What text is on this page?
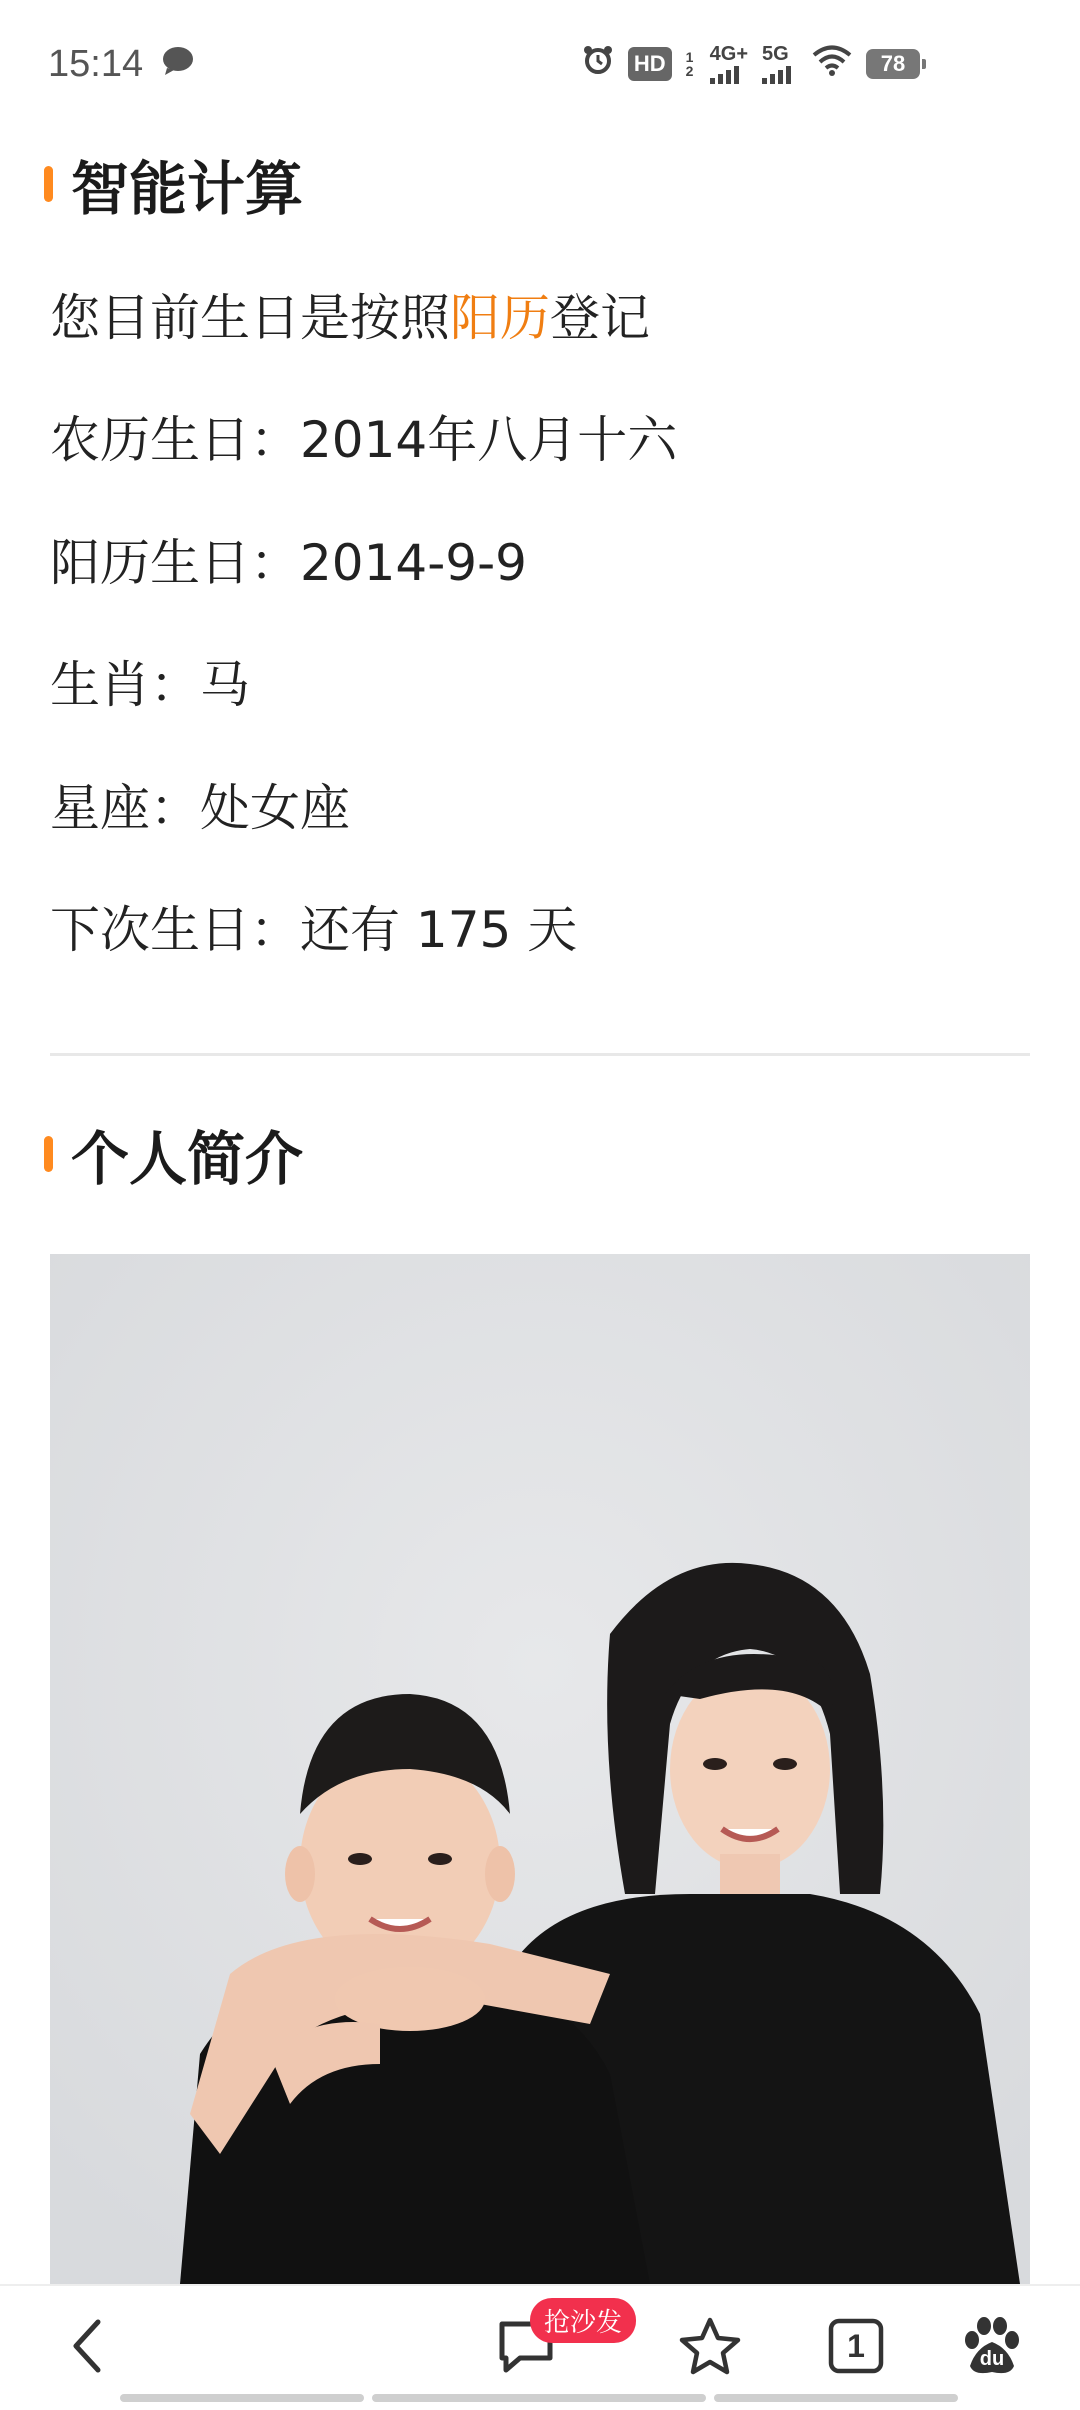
15:14	HD	1 2
4G+ 5G	78
智能计算
您目前生日是按照阳历登记
农历生日：2014年八月十六
阳历生日：2014-9-9
生肖：马
星座：处女座
下次生日：还有 175 天
个人简介
抢沙发
1	du
